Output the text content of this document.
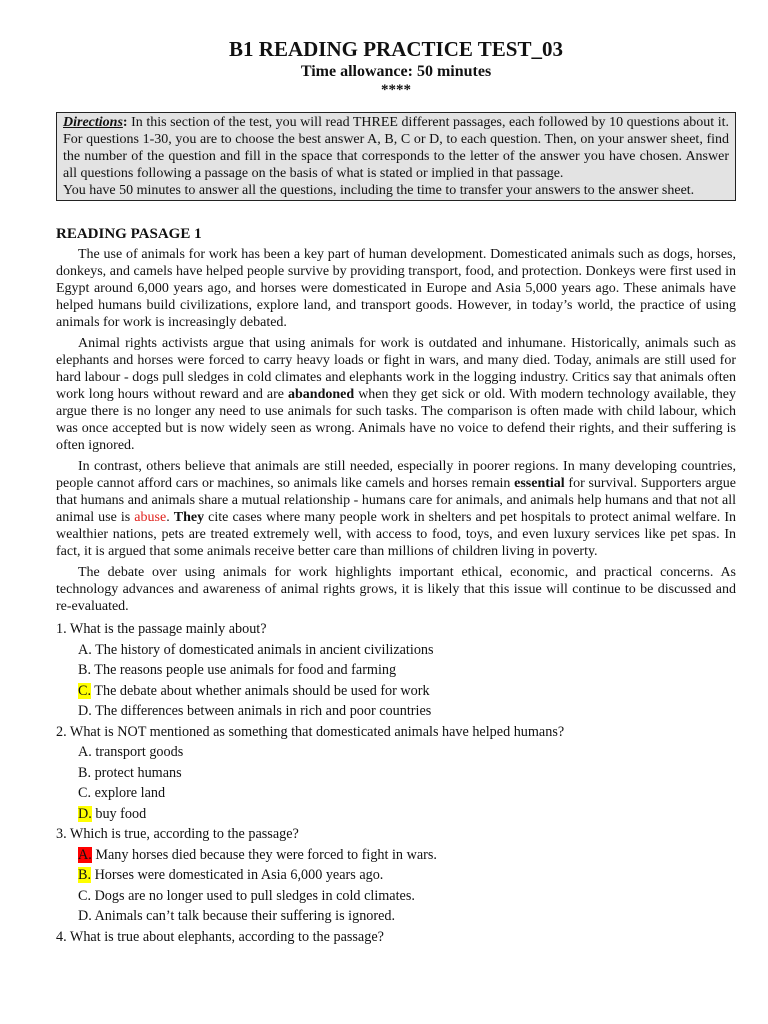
B1 READING PRACTICE TEST_03
Time allowance: 50 minutes
****
Directions: In this section of the test, you will read THREE different passages, each followed by 10 questions about it. For questions 1-30, you are to choose the best answer A, B, C or D, to each question. Then, on your answer sheet, find the number of the question and fill in the space that corresponds to the letter of the answer you have chosen. Answer all questions following a passage on the basis of what is stated or implied in that passage.
You have 50 minutes to answer all the questions, including the time to transfer your answers to the answer sheet.
READING PASAGE 1

The use of animals for work has been a key part of human development. Domesticated animals such as dogs, horses, donkeys, and camels have helped people survive by providing transport, food, and protection. Donkeys were first used in Egypt around 6,000 years ago, and horses were domesticated in Europe and Asia 5,000 years ago. These animals have helped humans build civilizations, explore land, and transport goods. However, in today’s world, the practice of using animals for work is increasingly debated.

Animal rights activists argue that using animals for work is outdated and inhumane. Historically, animals such as elephants and horses were forced to carry heavy loads or fight in wars, and many died. Today, animals are still used for hard labour - dogs pull sledges in cold climates and elephants work in the logging industry. Critics say that animals often work long hours without reward and are abandoned when they get sick or old. With modern technology available, they argue there is no longer any need to use animals for such tasks. The comparison is often made with child labour, which was once accepted but is now widely seen as wrong. Animals have no voice to defend their rights, and their suffering is often ignored.

In contrast, others believe that animals are still needed, especially in poorer regions. In many developing countries, people cannot afford cars or machines, so animals like camels and horses remain essential for survival. Supporters argue that humans and animals share a mutual relationship - humans care for animals, and animals help humans and that not all animal use is abuse. They cite cases where many people work in shelters and pet hospitals to protect animal welfare. In wealthier nations, pets are treated extremely well, with access to food, toys, and even luxury services like pet spas. In fact, it is argued that some animals receive better care than millions of children living in poverty.

The debate over using animals for work highlights important ethical, economic, and practical concerns. As technology advances and awareness of animal rights grows, it is likely that this issue will continue to be discussed and re-evaluated.

1. What is the passage mainly about?
A. The history of domesticated animals in ancient civilizations
B. The reasons people use animals for food and farming
C. The debate about whether animals should be used for work
D. The differences between animals in rich and poor countries
2. What is NOT mentioned as something that domesticated animals have helped humans?
A. transport goods
B. protect humans
C. explore land
D. buy food
3. Which is true, according to the passage?
A. Many horses died because they were forced to fight in wars.
B. Horses were domesticated in Asia 6,000 years ago.
C. Dogs are no longer used to pull sledges in cold climates.
D. Animals can’t talk because their suffering is ignored.
4. What is true about elephants, according to the passage?
